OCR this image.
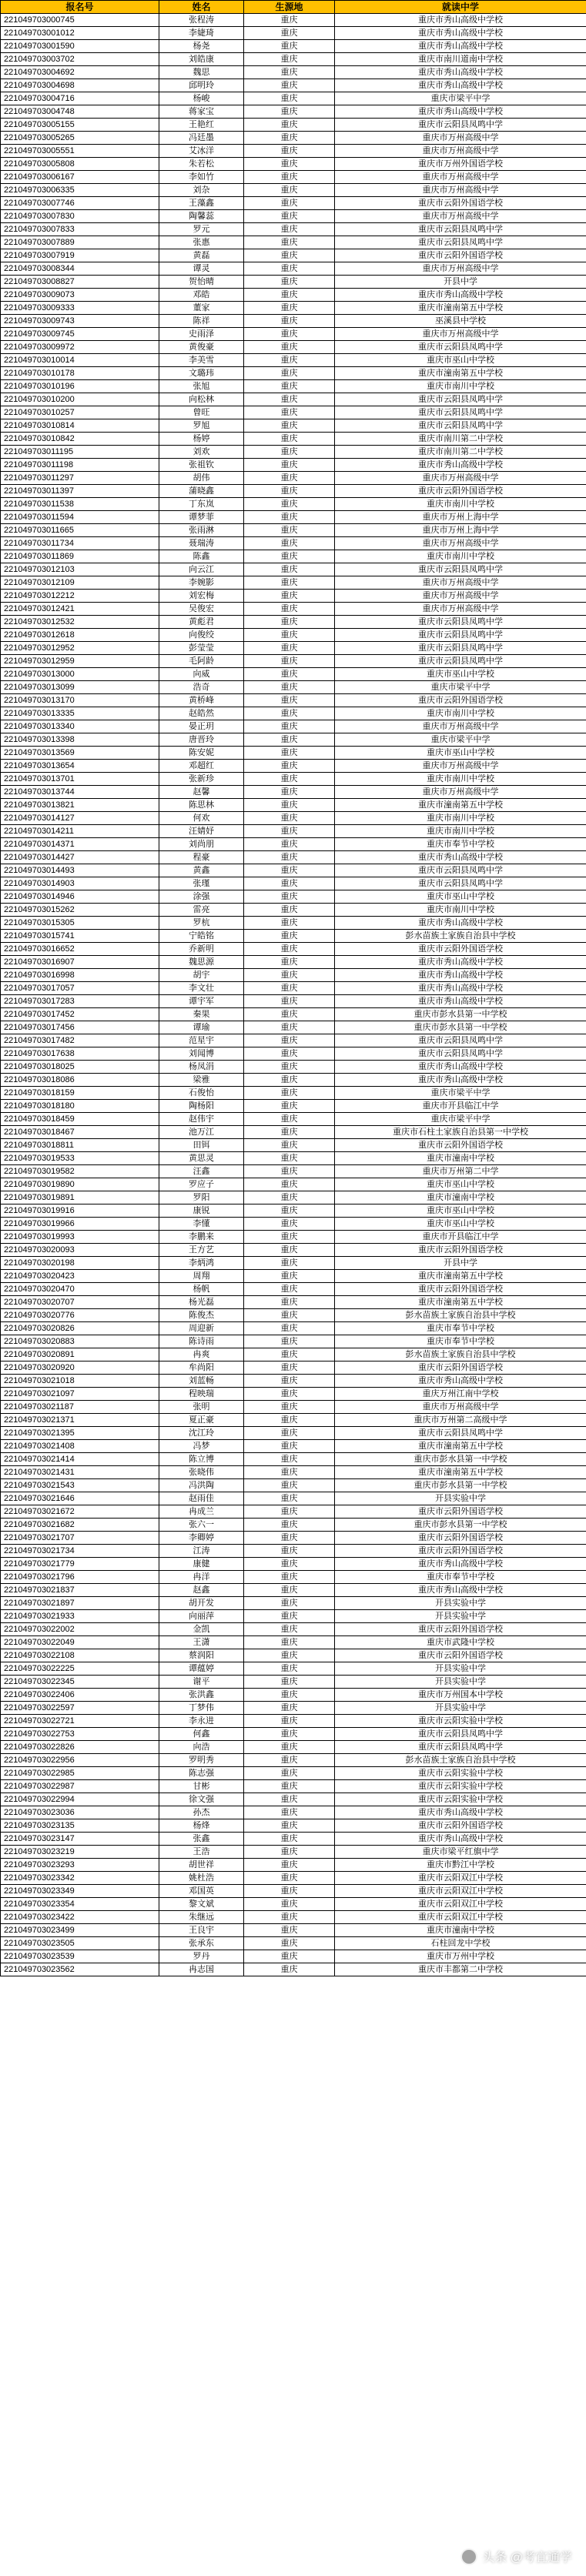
报名号	姓名	生源地	就读中学
221049703000745	张程涛	重庆	重庆市秀山高级中学校
221049703001012	李婕琦	重庆	重庆市秀山高级中学校
221049703001590	杨尧	重庆	重庆市秀山高级中学校
221049703003702	刘皓康	重庆	重庆市南川道南中学校
221049703004692	魏思	重庆	重庆市秀山高级中学校
221049703004698	邱明玲	重庆	重庆市秀山高级中学校
221049703004716	杨峻	重庆	重庆市梁平中学
221049703004748	蒋家宝	重庆	重庆市秀山高级中学校
221049703005155	王艳红	重庆	重庆市云阳县凤鸣中学
221049703005265	冯廷墨	重庆	重庆市万州高级中学
221049703005551	艾冰洋	重庆	重庆市万州高级中学
221049703005808	朱若松	重庆	重庆市万州外国语学校
221049703006167	李如竹	重庆	重庆市万州高级中学
221049703006335	刘杂	重庆	重庆市万州高级中学
221049703007746	王藻鑫	重庆	重庆市云阳外国语学校
221049703007830	陶馨蕊	重庆	重庆市万州高级中学
221049703007833	罗元	重庆	重庆市云阳县凤鸣中学
221049703007889	张惠	重庆	重庆市云阳县凤鸣中学
221049703007919	黄磊	重庆	重庆市云阳外国语学校
221049703008344	谭灵	重庆	重庆市万州高级中学
221049703008827	贺怡晴	重庆	开县中学
221049703009073	邓皓	重庆	重庆市秀山高级中学校
221049703009333	董家	重庆	重庆市潼南第五中学校
221049703009743	陈祥	重庆	巫溪县中学校
221049703009745	史雨泽	重庆	重庆市万州高级中学
221049703009972	黄俊豪	重庆	重庆市云阳县凤鸣中学
221049703010014	李美雪	重庆	重庆市巫山中学校
221049703010178	文璐玮	重庆	重庆市潼南第五中学校
221049703010196	张旭	重庆	重庆市南川中学校
221049703010200	向松林	重庆	重庆市云阳县凤鸣中学
221049703010257	曾旺	重庆	重庆市云阳县凤鸣中学
221049703010814	罗旭	重庆	重庆市云阳县凤鸣中学
221049703010842	杨婷	重庆	重庆市南川第二中学校
221049703011195	刘欢	重庆	重庆市南川第二中学校
221049703011198	张祖钦	重庆	重庆市秀山高级中学校
221049703011297	胡伟	重庆	重庆市万州高级中学
221049703011397	蒲晓鑫	重庆	重庆市云阳外国语学校
221049703011538	丁东岚	重庆	重庆市南川中学校
221049703011594	谭梦菲	重庆	重庆市万州上海中学
221049703011665	张雨淋	重庆	重庆市万州上海中学
221049703011734	聂瑞涛	重庆	重庆市万州高级中学
221049703011869	陈鑫	重庆	重庆市南川中学校
221049703012103	向云江	重庆	重庆市云阳县凤鸣中学
221049703012109	李婉影	重庆	重庆市万州高级中学
221049703012212	刘宏梅	重庆	重庆市万州高级中学
221049703012421	吴俊宏	重庆	重庆市万州高级中学
221049703012532	黄彪君	重庆	重庆市云阳县凤鸣中学
221049703012618	向俊绞	重庆	重庆市云阳县凤鸣中学
221049703012952	彭莹莹	重庆	重庆市云阳县凤鸣中学
221049703012959	毛阿龄	重庆	重庆市云阳县凤鸣中学
221049703013000	向威	重庆	重庆市巫山中学校
221049703013099	浩奇	重庆	重庆市梁平中学
221049703013170	黄桥峰	重庆	重庆市云阳外国语学校
221049703013335	赵皓然	重庆	重庆市南川中学校
221049703013340	晏正玥	重庆	重庆市万州高级中学
221049703013398	唐晋玲	重庆	重庆市梁平中学
221049703013569	陈安妮	重庆	重庆市巫山中学校
221049703013654	邓超红	重庆	重庆市万州高级中学
221049703013701	张新珍	重庆	重庆市南川中学校
221049703013744	赵馨	重庆	重庆市万州高级中学
221049703013821	陈思林	重庆	重庆市潼南第五中学校
221049703014127	何欢	重庆	重庆市南川中学校
221049703014211	汪婧妤	重庆	重庆市南川中学校
221049703014371	刘尚朋	重庆	重庆市奉节中学校
221049703014427	程豪	重庆	重庆市秀山高级中学校
221049703014493	黄鑫	重庆	重庆市云阳县凤鸣中学
221049703014903	张瑾	重庆	重庆市云阳县凤鸣中学
221049703014946	涂强	重庆	重庆市巫山中学校
221049703015262	雷亮	重庆	重庆市南川中学校
221049703015305	罗杭	重庆	重庆市秀山高级中学校
221049703015741	宁皓铭	重庆	彭水苗族土家族自治县中学校
221049703016652	乔新明	重庆	重庆市云阳外国语学校
221049703016907	魏思源	重庆	重庆市秀山高级中学校
221049703016998	胡宇	重庆	重庆市秀山高级中学校
221049703017057	李文壮	重庆	重庆市秀山高级中学校
221049703017283	谭宇军	重庆	重庆市秀山高级中学校
221049703017452	秦果	重庆	重庆市彭水县第一中学校
221049703017456	谭瑜	重庆	重庆市彭水县第一中学校
221049703017482	范星宇	重庆	重庆市云阳县凤鸣中学
221049703017638	刘闻博	重庆	重庆市云阳县凤鸣中学
221049703018025	杨凤涓	重庆	重庆市秀山高级中学校
221049703018086	梁雅	重庆	重庆市秀山高级中学校
221049703018159	石俊怡	重庆	重庆市梁平中学
221049703018180	陶杨阳	重庆	重庆市开县临江中学
221049703018459	赵伟宇	重庆	重庆市梁平中学
221049703018467	池万江	重庆	重庆市石柱土家族自治县第一中学校
221049703018811	田铒	重庆	重庆市云阳外国语学校
221049703019533	黄思灵	重庆	重庆市潼南中学校
221049703019582	汪鑫	重庆	重庆市万州第二中学
221049703019890	罗应子	重庆	重庆市巫山中学校
221049703019891	罗阳	重庆	重庆市潼南中学校
221049703019916	康锐	重庆	重庆市巫山中学校
221049703019966	李懂	重庆	重庆市巫山中学校
221049703019993	李鹏来	重庆	重庆市开县临江中学
221049703020093	王方艺	重庆	重庆市云阳外国语学校
221049703020198	李炳鸿	重庆	开县中学
221049703020423	周翔	重庆	重庆市潼南第五中学校
221049703020470	杨帆	重庆	重庆市云阳外国语学校
221049703020707	杨光磊	重庆	重庆市潼南第五中学校
221049703020776	陈俊杰	重庆	彭水苗族土家族自治县中学校
221049703020826	周迎新	重庆	重庆市奉节中学校
221049703020883	陈诗雨	重庆	重庆市奉节中学校
221049703020891	冉爽	重庆	彭水苗族土家族自治县中学校
221049703020920	牟尚阳	重庆	重庆市云阳外国语学校
221049703021018	刘蓝畅	重庆	重庆市秀山高级中学校
221049703021097	程映瑞	重庆	重庆万州江南中学校
221049703021187	张明	重庆	重庆市万州高级中学
221049703021371	夏正豪	重庆	重庆市万州第二高级中学
221049703021395	沈江玲	重庆	重庆市云阳县凤鸣中学
221049703021408	冯梦	重庆	重庆市潼南第五中学校
221049703021414	陈立博	重庆	重庆市彭水县第一中学校
221049703021431	张晓伟	重庆	重庆市潼南第五中学校
221049703021543	冯洪陶	重庆	重庆市彭水县第一中学校
221049703021646	赵雨佳	重庆	开县实验中学
221049703021672	冉成兰	重庆	重庆市云阳外国语学校
221049703021682	张六一	重庆	重庆市彭水县第一中学校
221049703021707	李卿婷	重庆	重庆市云阳外国语学校
221049703021734	江涛	重庆	重庆市云阳外国语学校
221049703021779	康健	重庆	重庆市秀山高级中学校
221049703021796	冉洋	重庆	重庆市奉节中学校
221049703021837	赵鑫	重庆	重庆市秀山高级中学校
221049703021897	胡开发	重庆	开县实验中学
221049703021933	向丽萍	重庆	开县实验中学
221049703022002	金凯	重庆	重庆市云阳外国语学校
221049703022049	王潇	重庆	重庆市武隆中学校
221049703022108	蔡润阳	重庆	重庆市云阳外国语学校
221049703022225	谭蕴婷	重庆	开县实验中学
221049703022345	谢平	重庆	开县实验中学
221049703022406	张洪鑫	重庆	重庆市万州国本中学校
221049703022597	丁梦伟	重庆	开县实验中学
221049703022721	李永进	重庆	重庆市云阳实验中学校
221049703022753	何鑫	重庆	重庆市云阳县凤鸣中学
221049703022826	向浩	重庆	重庆市云阳县凤鸣中学
221049703022956	罗明秀	重庆	彭水苗族土家族自治县中学校
221049703022985	陈志强	重庆	重庆市云阳实验中学校
221049703022987	甘彬	重庆	重庆市云阳实验中学校
221049703022994	徐文强	重庆	重庆市云阳实验中学校
221049703023036	孙杰	重庆	重庆市秀山高级中学校
221049703023135	杨烽	重庆	重庆市云阳外国语学校
221049703023147	张鑫	重庆	重庆市秀山高级中学校
221049703023219	王浩	重庆	重庆市梁平红旗中学
221049703023293	胡世祥	重庆	重庆市黔江中学校
221049703023342	姚杜浩	重庆	重庆市云阳双江中学校
221049703023349	邓国英	重庆	重庆市云阳双江中学校
221049703023354	黎文斌	重庆	重庆市云阳双江中学校
221049703023422	朱继远	重庆	重庆市云阳双江中学校
221049703023499	王良宇	重庆	重庆市潼南中学校
221049703023505	张承东	重庆	石柱回龙中学校
221049703023539	罗丹	重庆	重庆市万州中学校
221049703023562	冉志国	重庆	重庆市丰都第二中学校
头条 @考宜通学
